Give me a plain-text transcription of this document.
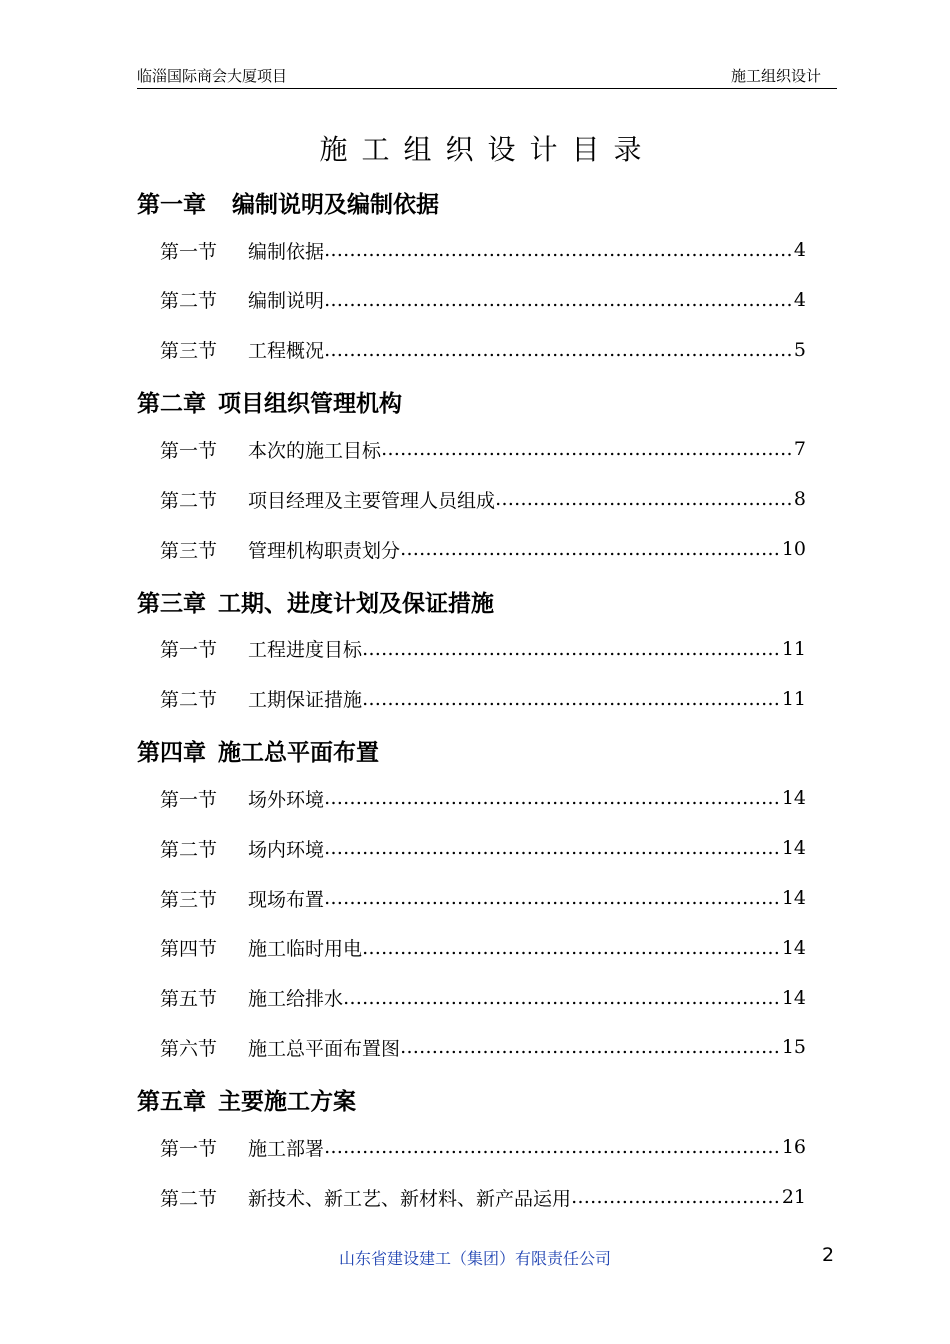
临淄国际商会大厦项目	施工组织设计
施工组织设计目录
第一章 编制说明及编制依据
第一节	编制依据 ……………………………………………………………………………………………………………………………………………………	4
第二节	编制说明 ……………………………………………………………………………………………………………………………………………………	4
第三节	工程概况 ……………………………………………………………………………………………………………………………………………………	5
第二章 项目组织管理机构
第一节	本次的施工目标 ……………………………………………………………………………………………………………………………………………………	7
第二节	项目经理及主要管理人员组成 ……………………………………………………………………………………………………………………………………………………	8
第三节	管理机构职责划分 ……………………………………………………………………………………………………………………………………………………	10
第三章 工期、进度计划及保证措施
第一节	工程进度目标 ……………………………………………………………………………………………………………………………………………………	11
第二节	工期保证措施 ……………………………………………………………………………………………………………………………………………………	11
第四章 施工总平面布置
第一节	场外环境 ……………………………………………………………………………………………………………………………………………………	14
第二节	场内环境 ……………………………………………………………………………………………………………………………………………………	14
第三节	现场布置 ……………………………………………………………………………………………………………………………………………………	14
第四节	施工临时用电 ……………………………………………………………………………………………………………………………………………………	14
第五节	施工给排水 ……………………………………………………………………………………………………………………………………………………	14
第六节	施工总平面布置图 ……………………………………………………………………………………………………………………………………………………	15
第五章 主要施工方案
第一节	施工部署 ……………………………………………………………………………………………………………………………………………………	16
第二节	新技术、新工艺、新材料、新产品运用 ……………………………………………………………………………………………………………………………………………………	21
山东省建设建工（集团）有限责任公司	2
